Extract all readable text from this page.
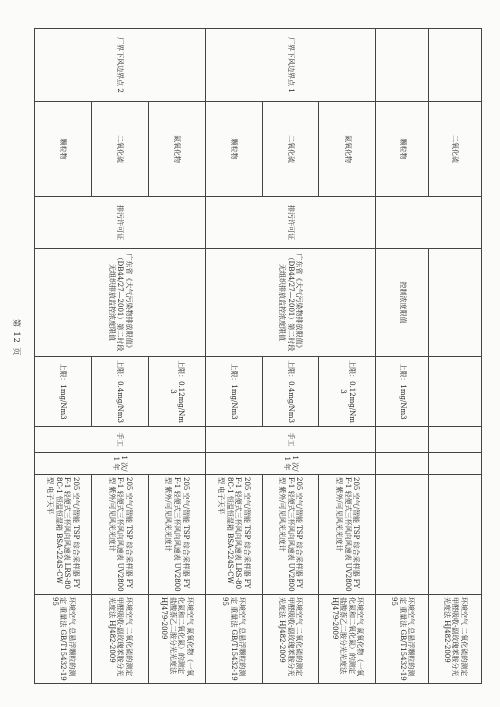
	二氧化硫							环境空气 二氧化硫的测定 甲醛吸收-副玫瑰苯胺分光光度法 HJ482-2009
	颗粒物		控制浓度限值	上限：1mg/Nm3				环境空气 总悬浮颗粒的测定 重量法 GB/T15432-1995
厂界下风边界点 1	氮氧化物	排污许可证	广东省《大气污染物排放限值》（DB44/27—2001）第二时段无组织排放监控浓度限值	上限：0.12mg/Nm3	手工	1 次/1 年	205 空气/智能 TSP 综合采样器 FYF-1 轻便式三杯风向风速表 UV2800 型 紫外/可见风光光度计	环境空气 氮氧化物（一氧化氮和二氧化氮）的测定 盐酸萘乙二胺分光光度法 HJ479-2009
	二氧化硫			上限：0.4mg/Nm3			205 空气/智能 TSP 综合采样器 FYF-1 轻便式三杯风向风速表 UV2800 型 紫外/可见风光光度计	环境空气 二氧化硫的测定 甲醛吸收-副玫瑰苯胺分光光度法 HJ482-2009
	颗粒物			上限：1mg/Nm3			205 空气/智能 TSP 综合采样器 FYF-1 轻便式三杯风向风速表 LRS-808C-1 恒温恒湿箱 BSA-224S-CW 型 电子天平	环境空气 总悬浮颗粒的测定 重量法 GB/T15432-1995
厂界下风边界点 2	氮氧化物	排污许可证	广东省《大气污染物排放限值》（DB44/27—2001）第二时段无组织排放监控浓度限值	上限：0.12mg/Nm3	手工	1 次/1 年	205 空气/智能 TSP 综合采样器 FYF-1 轻便式三杯风向风速表 UV2800 型 紫外/可见风光光度计	环境空气 氮氧化物（一氧化氮和二氧化氮）的测定 盐酸萘乙二胺分光光度法 HJ479-2009
	二氧化硫			上限：0.4mg/Nm3			205 空气/智能 TSP 综合采样器 FYF-1 轻便式三杯风向风速表 UV2800 型 紫外/可见风光光度计	环境空气 二氧化硫的测定 甲醛吸收-副玫瑰苯胺分光光度法 HJ482-2009
	颗粒物			上限：1mg/Nm3			205 空气/智能 TSP 综合采样器 FYF-1 轻便式三杯风向风速表 LRS-808C-1 恒温恒湿箱 BSA-224S-CW 型 电子天平	环境空气 总悬浮颗粒的测定 重量法 GB/T15432-1995
第 12 页
